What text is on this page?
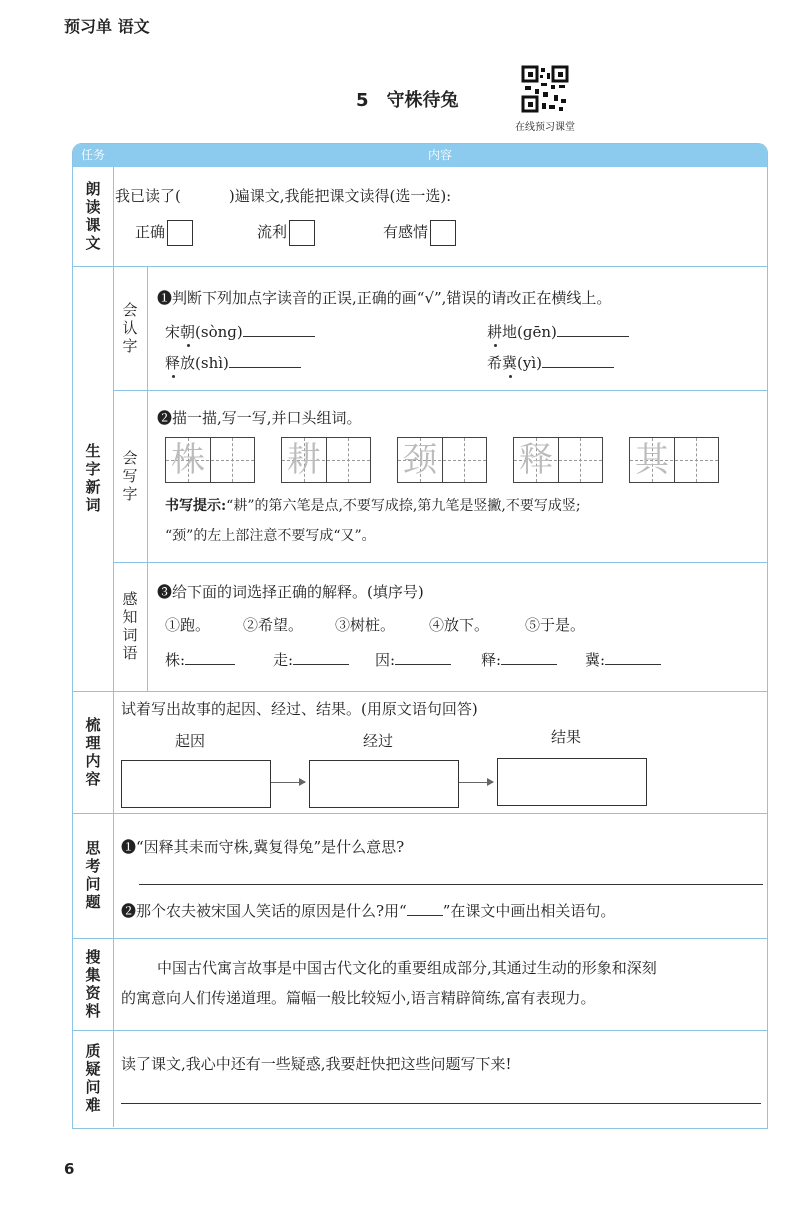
预习单 语文
5 守株待兔
在线预习课堂
任务	内容
朗读课文 我已读了(	)遍课文,我能把课文读得(选一选):
正确	流利	有感情
生字新词
会认字
❶判断下列加点字读音的正误,正确的画“√”,错误的请改正在横线上。
宋朝(sònɡ)	耕地(ɡēn)
释放(shì)	希冀(yì)
会写字
❷描一描,写一写,并口头组词。
株 耕 颈 释 其
书写提示:“耕”的第六笔是点,不要写成捺,第九笔是竖撇,不要写成竖;
“颈”的左上部注意不要写成“又”。
感知词语 ❸给下面的词选择正确的解释。(填序号)
①跑。 ②希望。 ③树桩。 ④放下。 ⑤于是。
株:	走:	因:	释:	冀:
梳理内容
试着写出故事的起因、经过、结果。(用原文语句回答)
起因	经过	结果
思考问题 ❶“因释其耒而守株,冀复得兔”是什么意思?
❷那个农夫被宋国人笑话的原因是什么?用“ ”在课文中画出相关语句。
搜集资料	中国古代寓言故事是中国古代文化的重要组成部分,其通过生动的形象和深刻
的寓意向人们传递道理。篇幅一般比较短小,语言精辟简练,富有表现力。
质疑问难 读了课文,我心中还有一些疑惑,我要赶快把这些问题写下来!
6
